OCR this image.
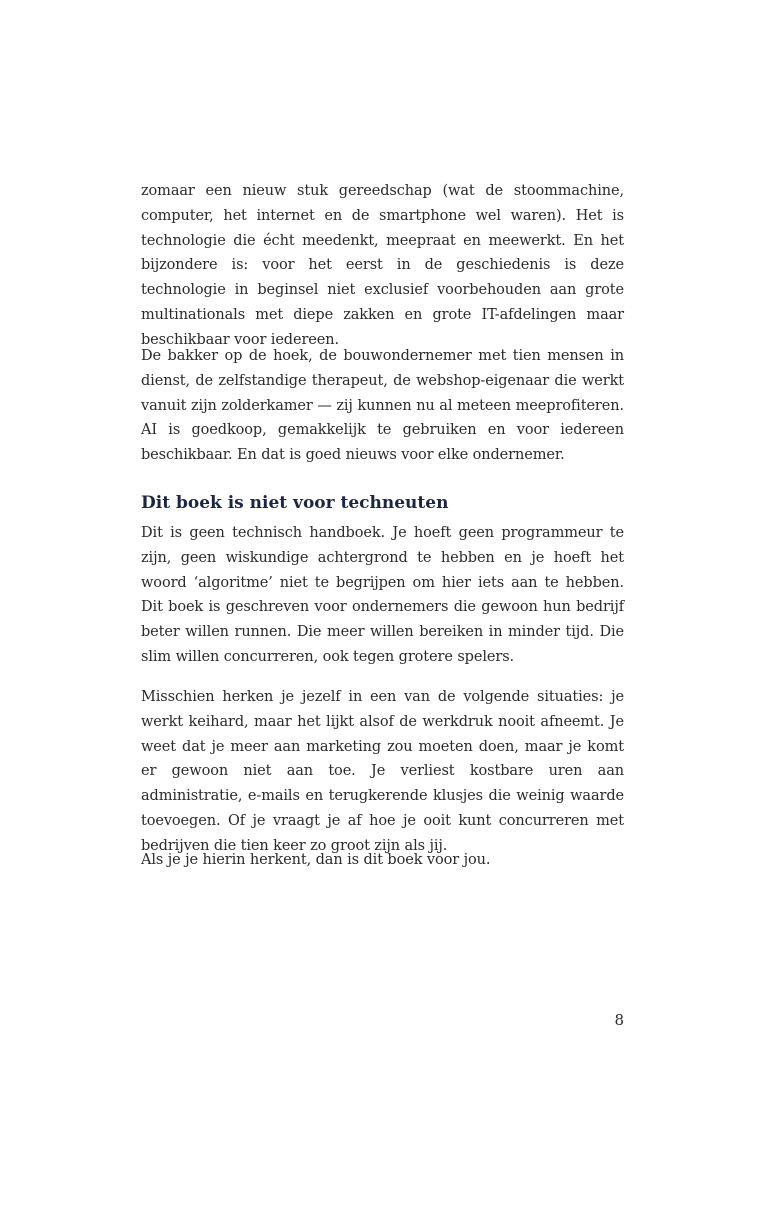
zomaar een nieuw stuk gereedschap (wat de stoommachine, computer, het internet en de smartphone wel waren). Het is technologie die écht meedenkt, meepraat en meewerkt. En het bijzondere is: voor het eerst in de geschiedenis is deze technologie in beginsel niet exclusief voorbehouden aan grote multinationals met diepe zakken en grote IT-afdelingen maar beschikbaar voor iedereen.

De bakker op de hoek, de bouwondernemer met tien mensen in dienst, de zelfstandige therapeut, de webshop-eigenaar die werkt vanuit zijn zolderkamer — zij kunnen nu al meteen meeprofiteren. AI is goedkoop, gemakkelijk te gebruiken en voor iedereen beschikbaar. En dat is goed nieuws voor elke ondernemer.

Dit boek is niet voor techneuten

Dit is geen technisch handboek. Je hoeft geen programmeur te zijn, geen wiskundige achtergrond te hebben en je hoeft het woord ‘algoritme’ niet te begrijpen om hier iets aan te hebben. Dit boek is geschreven voor ondernemers die gewoon hun bedrijf beter willen runnen. Die meer willen bereiken in minder tijd. Die slim willen concurreren, ook tegen grotere spelers.

Misschien herken je jezelf in een van de volgende situaties: je werkt keihard, maar het lijkt alsof de werkdruk nooit afneemt. Je weet dat je meer aan marketing zou moeten doen, maar je komt er gewoon niet aan toe. Je verliest kostbare uren aan administratie, e-mails en terugkerende klusjes die weinig waarde toevoegen. Of je vraagt je af hoe je ooit kunt concurreren met bedrijven die tien keer zo groot zijn als jij.

Als je je hierin herkent, dan is dit boek voor jou.

8
